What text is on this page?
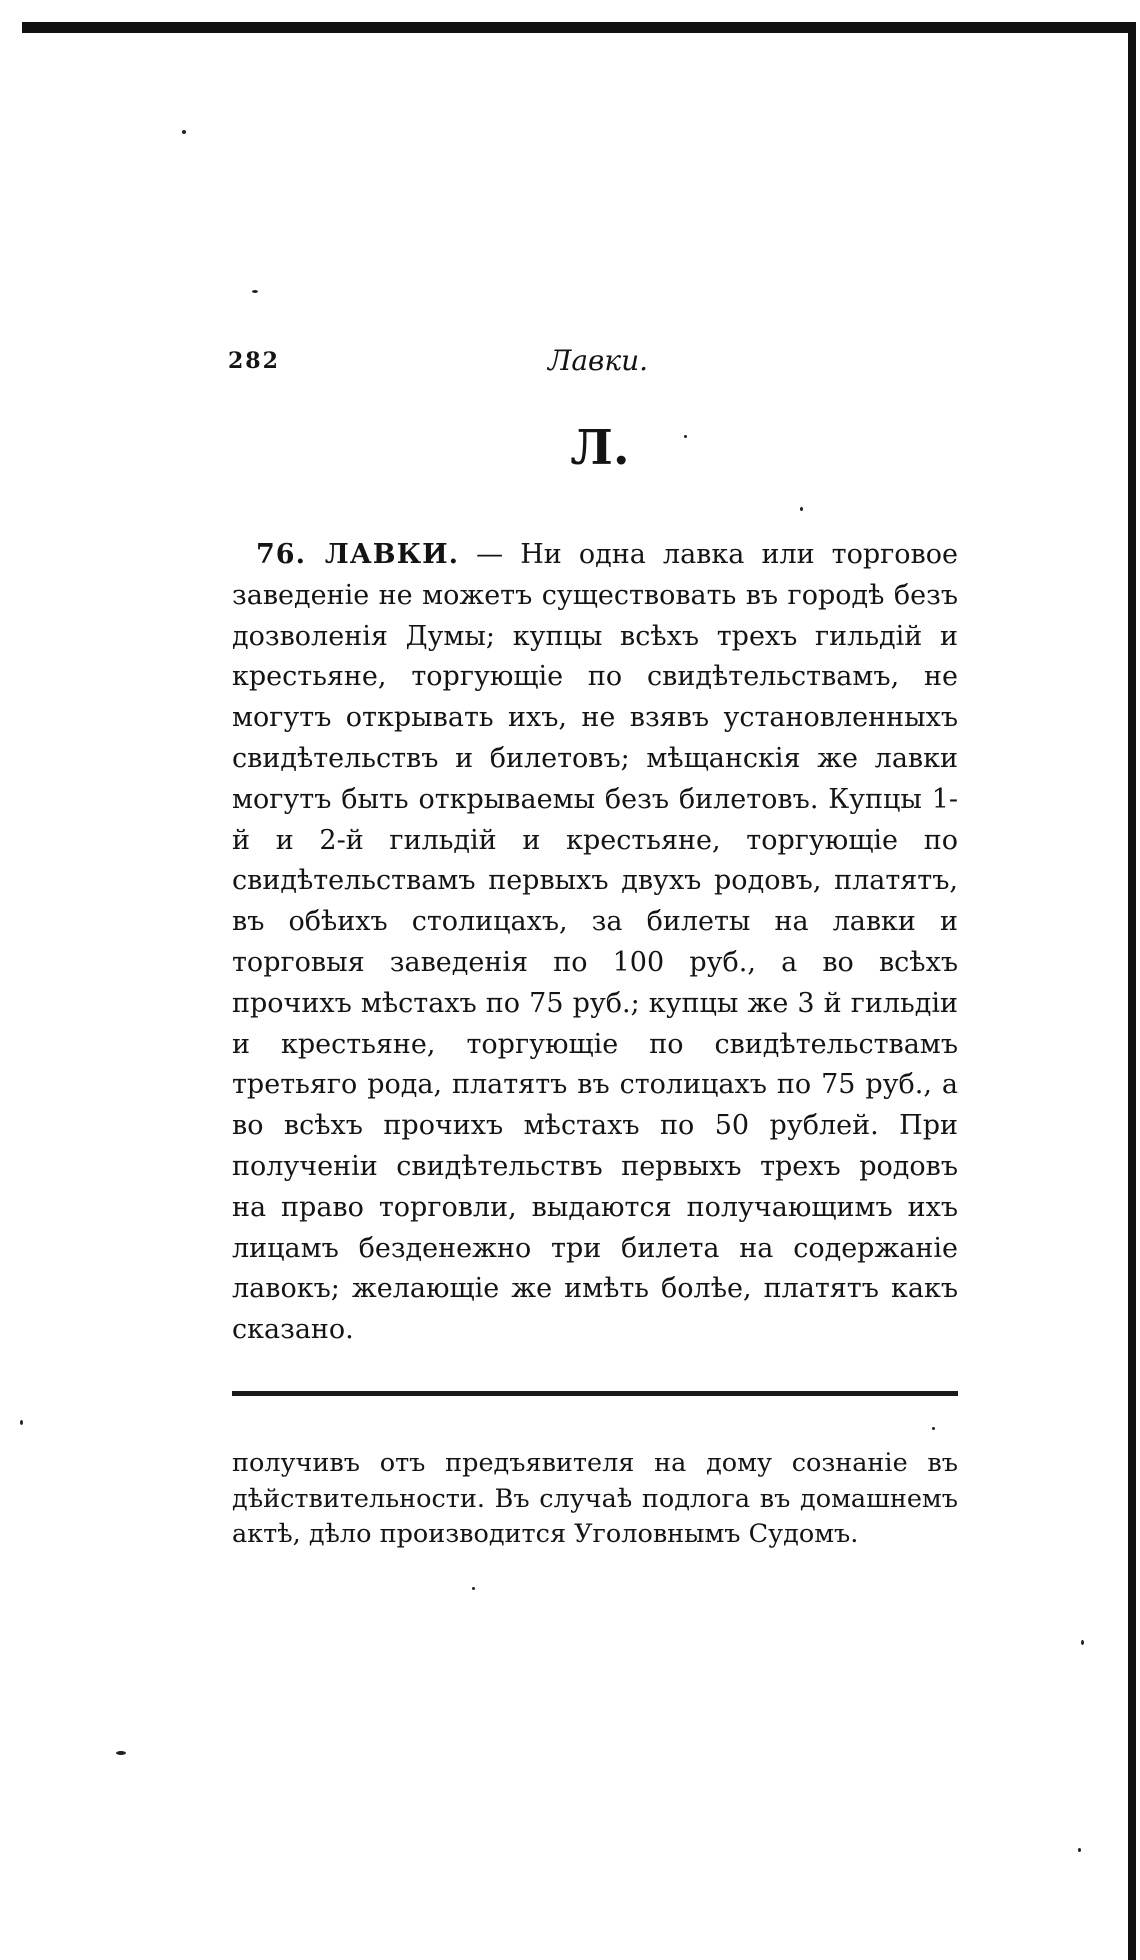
282	Лавки.
Л.

76. ЛАВКИ. — Ни одна лавка или торговое заведеніе не можетъ существовать въ городѣ безъ дозволенія Думы; купцы всѣхъ трехъ гильдій и крестьяне, торгующіе по свидѣтельствамъ, не могутъ открывать ихъ, не взявъ установленныхъ свидѣтельствъ и билетовъ; мѣщанскія же лавки могутъ быть открываемы безъ билетовъ. Купцы 1-й и 2-й гильдій и крестьяне, торгующіе по свидѣтельствамъ первыхъ двухъ родовъ, платятъ, въ обѣихъ столицахъ, за билеты на лавки и торговыя заведенія по 100 руб., а во всѣхъ прочихъ мѣстахъ по 75 руб.; купцы же 3 й гильдіи и крестьяне, торгующіе по свидѣтельствамъ третьяго рода, платятъ въ столицахъ по 75 руб., а во всѣхъ прочихъ мѣстахъ по 50 рублей. При полученіи свидѣтельствъ первыхъ трехъ родовъ на право торговли, выдаются получающимъ ихъ лицамъ безденежно три билета на содержаніе лавокъ; желающіе же имѣть болѣе, платятъ какъ сказано.

получивъ отъ предъявителя на дому сознаніе въ дѣйствительности. Въ случаѣ подлога въ домашнемъ актѣ, дѣло производится Уголовнымъ Судомъ.
